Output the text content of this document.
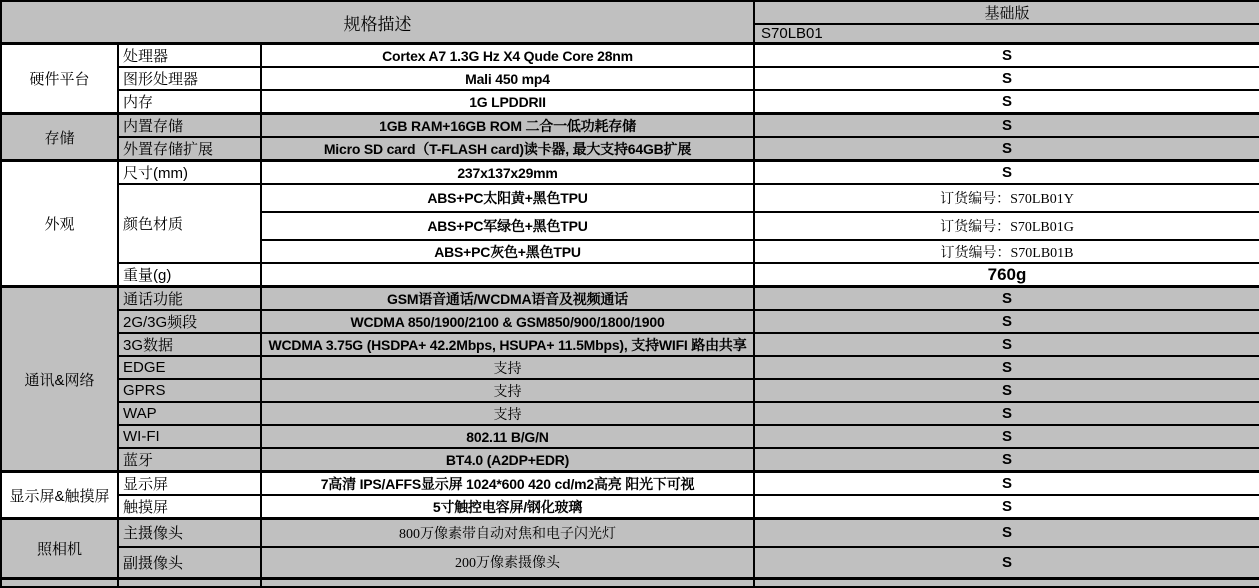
规格描述			基础版
			S70LB01
硬件平台	处理器	Cortex A7 1.3G Hz X4 Qude Core 28nm	S
	图形处理器	Mali 450 mp4	S
	内存	1G LPDDRII	S
存储	内置存储	1GB RAM+16GB ROM 二合一低功耗存储	S
	外置存储扩展	Micro SD card（T-FLASH card)读卡器, 最大支持64GB扩展	S
外观	尺寸(mm)	237x137x29mm	S
	颜色材质	ABS+PC太阳黄+黑色TPU	订货编号：S70LB01Y
		ABS+PC军绿色+黑色TPU	订货编号：S70LB01G
		ABS+PC灰色+黑色TPU	订货编号：S70LB01B
	重量(g)		760g
通讯&网络	通话功能	GSM语音通话/WCDMA语音及视频通话	S
	2G/3G频段	WCDMA 850/1900/2100 & GSM850/900/1800/1900	S
	3G数据	WCDMA 3.75G (HSDPA+ 42.2Mbps, HSUPA+ 11.5Mbps), 支持WIFI 路由共享	S
	EDGE	支持	S
	GPRS	支持	S
	WAP	支持	S
	WI-FI	802.11 B/G/N	S
	蓝牙	BT4.0 (A2DP+EDR)	S
显示屏&触摸屏	显示屏	7高清 IPS/AFFS显示屏 1024*600 420 cd/m2高亮 阳光下可视	S
	触摸屏	5寸触控电容屏/钢化玻璃	S
照相机	主摄像头	800万像素带自动对焦和电子闪光灯	S
	副摄像头	200万像素摄像头	S
